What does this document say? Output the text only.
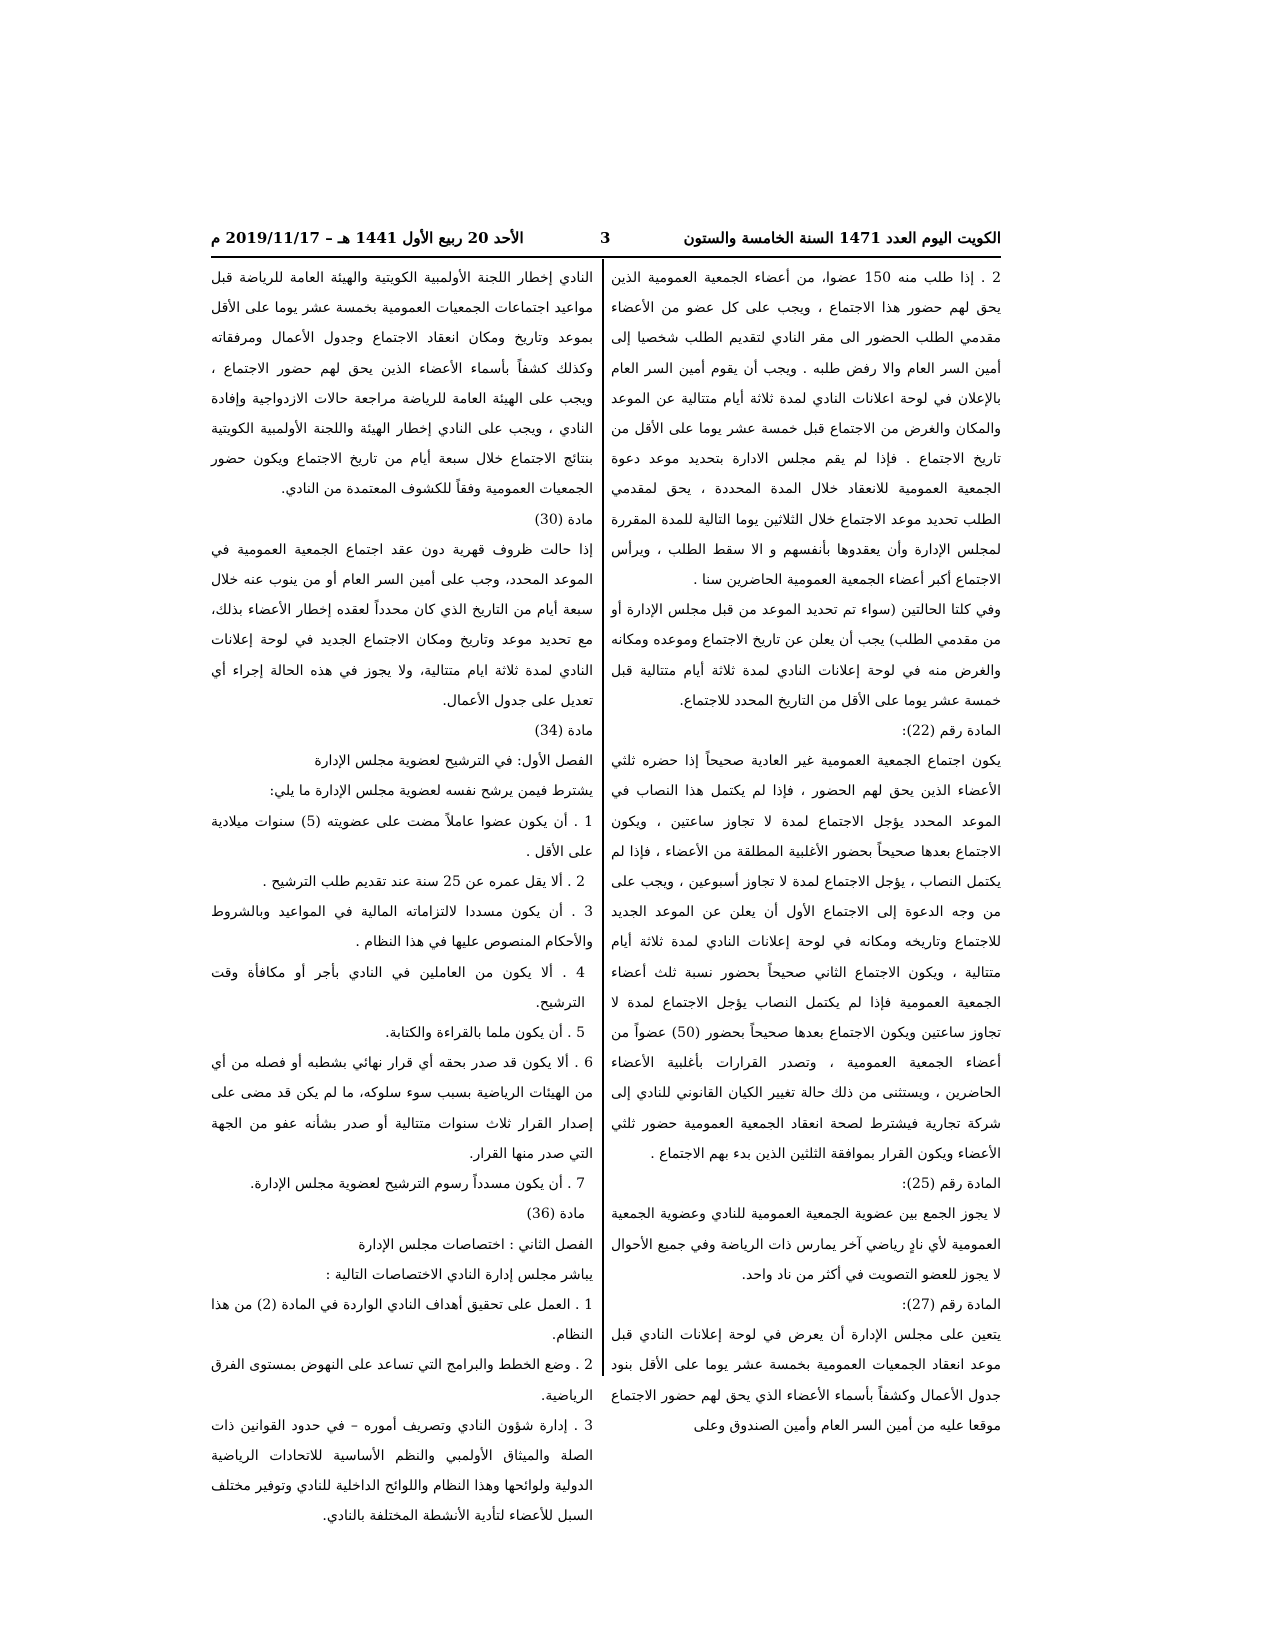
الكويت اليوم العدد 1471 السنة الخامسة والستون
3
الأحد 20 ربيع الأول 1441 هـ – 2019/11/17 م

2 . إذا طلب منه 150 عضوا، من أعضاء الجمعية العمومية الذين يحق لهم حضور هذا الاجتماع ، ويجب على كل عضو من الأعضاء مقدمي الطلب الحضور الى مقر النادي لتقديم الطلب شخصيا إلى أمين السر العام والا رفض طلبه . ويجب أن يقوم أمين السر العام بالإعلان في لوحة اعلانات النادي لمدة ثلاثة أيام متتالية عن الموعد والمكان والغرض من الاجتماع قبل خمسة عشر يوما على الأقل من تاريخ الاجتماع . فإذا لم يقم مجلس الادارة بتحديد موعد دعوة الجمعية العمومية للانعقاد خلال المدة المحددة ، يحق لمقدمي الطلب تحديد موعد الاجتماع خلال الثلاثين يوما التالية للمدة المقررة لمجلس الإدارة وأن يعقدوها بأنفسهم و الا سقط الطلب ، ويرأس الاجتماع أكبر أعضاء الجمعية العمومية الحاضرين سنا .

وفي كلتا الحالتين (سواء تم تحديد الموعد من قبل مجلس الإدارة أو من مقدمي الطلب) يجب أن يعلن عن تاريخ الاجتماع وموعده ومكانه والغرض منه في لوحة إعلانات النادي لمدة ثلاثة أيام متتالية قبل خمسة عشر يوما على الأقل من التاريخ المحدد للاجتماع.

المادة رقم (22):

يكون اجتماع الجمعية العمومية غير العادية صحيحاً إذا حضره ثلثي الأعضاء الذين يحق لهم الحضور ، فإذا لم يكتمل هذا النصاب في الموعد المحدد يؤجل الاجتماع لمدة لا تجاوز ساعتين ، ويكون الاجتماع بعدها صحيحاً بحضور الأغلبية المطلقة من الأعضاء ، فإذا لم يكتمل النصاب ، يؤجل الاجتماع لمدة لا تجاوز أسبوعين ، ويجب على من وجه الدعوة إلى الاجتماع الأول أن يعلن عن الموعد الجديد للاجتماع وتاريخه ومكانه في لوحة إعلانات النادي لمدة ثلاثة أيام متتالية ، ويكون الاجتماع الثاني صحيحاً بحضور نسبة ثلث أعضاء الجمعية العمومية فإذا لم يكتمل النصاب يؤجل الاجتماع لمدة لا تجاوز ساعتين ويكون الاجتماع بعدها صحيحاً بحضور (50) عضواً من أعضاء الجمعية العمومية ، وتصدر القرارات بأغلبية الأعضاء الحاضرين ، ويستثنى من ذلك حالة تغيير الكيان القانوني للنادي إلى شركة تجارية فيشترط لصحة انعقاد الجمعية العمومية حضور ثلثي الأعضاء ويكون القرار بموافقة الثلثين الذين بدء بهم الاجتماع .

المادة رقم (25):

لا يجوز الجمع بين عضوية الجمعية العمومية للنادي وعضوية الجمعية العمومية لأي نادٍ رياضي آخر يمارس ذات الرياضة وفي جميع الأحوال لا يجوز للعضو التصويت في أكثر من ناد واحد.

المادة رقم (27):

يتعين على مجلس الإدارة أن يعرض في لوحة إعلانات النادي قبل موعد انعقاد الجمعيات العمومية بخمسة عشر يوما على الأقل بنود جدول الأعمال وكشفاً بأسماء الأعضاء الذي يحق لهم حضور الاجتماع موقعا عليه من أمين السر العام وأمين الصندوق وعلى

النادي إخطار اللجنة الأولمبية الكويتية والهيئة العامة للرياضة قبل مواعيد اجتماعات الجمعيات العمومية بخمسة عشر يوما على الأقل بموعد وتاريخ ومكان انعقاد الاجتماع وجدول الأعمال ومرفقاته وكذلك كشفاً بأسماء الأعضاء الذين يحق لهم حضور الاجتماع ، ويجب على الهيئة العامة للرياضة مراجعة حالات الازدواجية وإفادة النادي ، ويجب على النادي إخطار الهيئة واللجنة الأولمبية الكويتية بنتائج الاجتماع خلال سبعة أيام من تاريخ الاجتماع ويكون حضور الجمعيات العمومية وفقاً للكشوف المعتمدة من النادي.

مادة (30)

إذا حالت ظروف قهرية دون عقد اجتماع الجمعية العمومية في الموعد المحدد، وجب على أمين السر العام أو من ينوب عنه خلال سبعة أيام من التاريخ الذي كان محدداً لعقده إخطار الأعضاء بذلك، مع تحديد موعد وتاريخ ومكان الاجتماع الجديد في لوحة إعلانات النادي لمدة ثلاثة ايام متتالية، ولا يجوز في هذه الحالة إجراء أي تعديل على جدول الأعمال.

مادة (34)

الفصل الأول: في الترشيح لعضوية مجلس الإدارة

يشترط فيمن يرشح نفسه لعضوية مجلس الإدارة ما يلي:

1 . أن يكون عضوا عاملاً مضت على عضويته (5) سنوات ميلادية على الأقل .

2 . ألا يقل عمره عن 25 سنة عند تقديم طلب الترشيح .

3 . أن يكون مسددا لالتزاماته المالية في المواعيد وبالشروط والأحكام المنصوص عليها في هذا النظام .

4 . ألا يكون من العاملين في النادي بأجر أو مكافأة وقت الترشيح.

5 . أن يكون ملما بالقراءة والكتابة.

6 . ألا يكون قد صدر بحقه أي قرار نهائي بشطبه أو فصله من أي من الهيئات الرياضية بسبب سوء سلوكه، ما لم يكن قد مضى على إصدار القرار ثلاث سنوات متتالية أو صدر بشأنه عفو من الجهة التي صدر منها القرار.

7 . أن يكون مسدداً رسوم الترشيح لعضوية مجلس الإدارة.

مادة (36)

الفصل الثاني : اختصاصات مجلس الإدارة

يباشر مجلس إدارة النادي الاختصاصات التالية :

1 . العمل على تحقيق أهداف النادي الواردة في المادة (2) من هذا النظام.

2 . وضع الخطط والبرامج التي تساعد على النهوض بمستوى الفرق الرياضية.

3 . إدارة شؤون النادي وتصريف أموره – في حدود القوانين ذات الصلة والميثاق الأولمبي والنظم الأساسية للاتحادات الرياضية الدولية ولوائحها وهذا النظام واللوائح الداخلية للنادي وتوفير مختلف السبل للأعضاء لتأدية الأنشطة المختلفة بالنادي.
